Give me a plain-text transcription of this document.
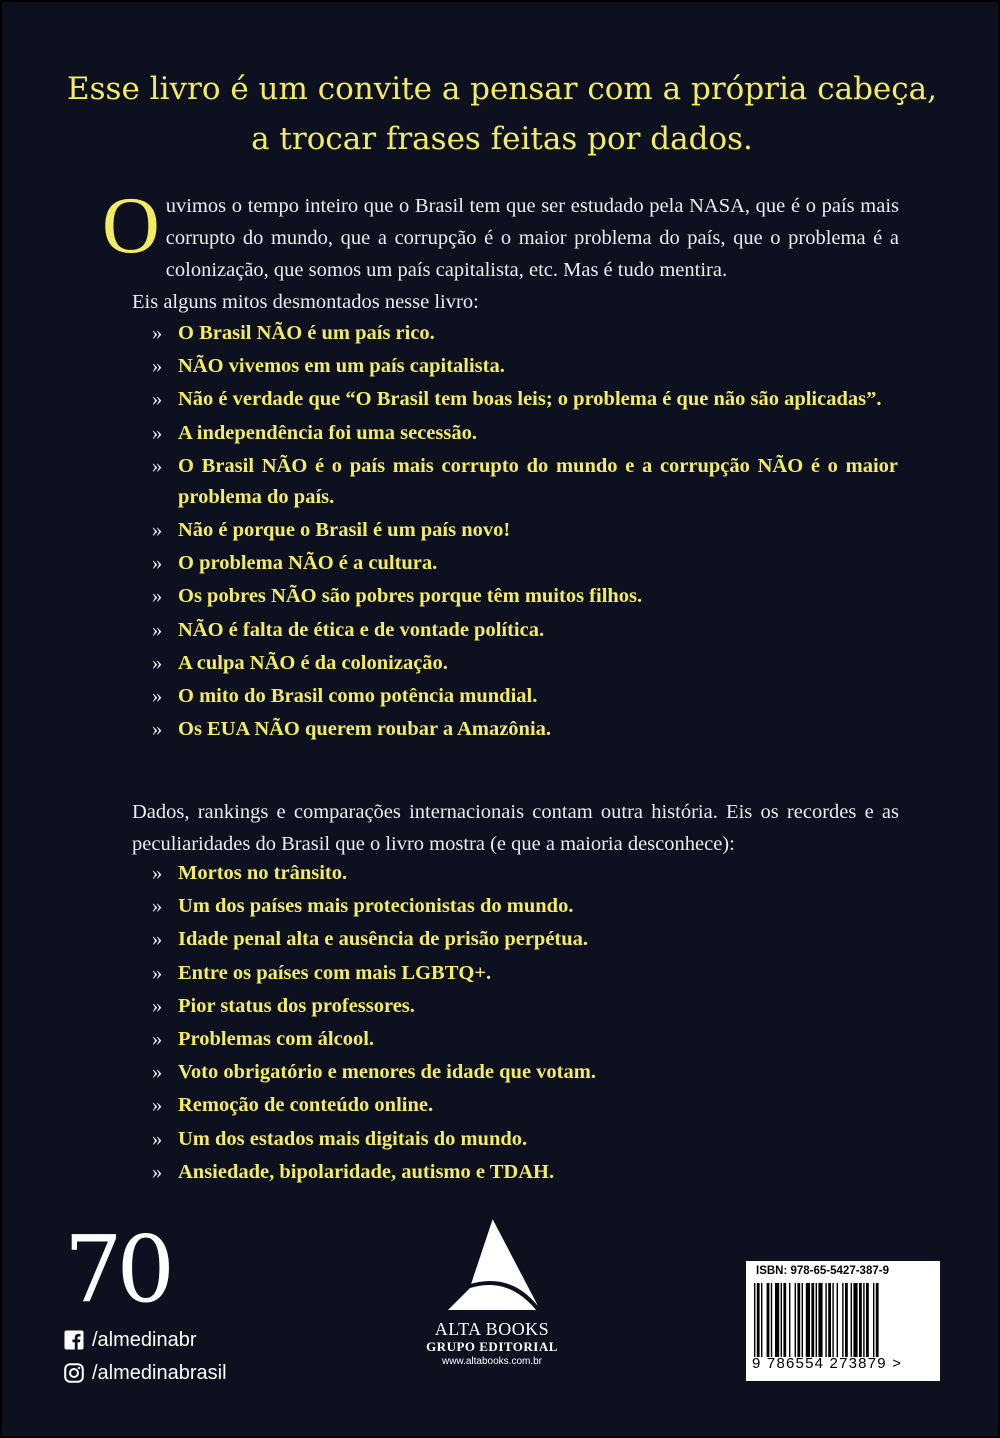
Esse livro é um convite a pensar com a própria cabeça, a trocar frases feitas por dados.

Ouvimos o tempo inteiro que o Brasil tem que ser estudado pela NASA, que é o país mais corrupto do mundo, que a corrupção é o maior problema do país, que o problema é a colonização, que somos um país capitalista, etc. Mas é tudo mentira.

Eis alguns mitos desmontados nesse livro:

» O Brasil NÃO é um país rico.
» NÃO vivemos em um país capitalista.
» Não é verdade que “O Brasil tem boas leis; o problema é que não são aplicadas”.
» A independência foi uma secessão.
» O Brasil NÃO é o país mais corrupto do mundo e a corrupção NÃO é o maior problema do país.
» Não é porque o Brasil é um país novo!
» O problema NÃO é a cultura.
» Os pobres NÃO são pobres porque têm muitos filhos.
» NÃO é falta de ética e de vontade política.
» A culpa NÃO é da colonização.
» O mito do Brasil como potência mundial.
» Os EUA NÃO querem roubar a Amazônia.

Dados, rankings e comparações internacionais contam outra história. Eis os recordes e as peculiaridades do Brasil que o livro mostra (e que a maioria desconhece):

» Mortos no trânsito.
» Um dos países mais protecionistas do mundo.
» Idade penal alta e ausência de prisão perpétua.
» Entre os países com mais LGBTQ+.
» Pior status dos professores.
» Problemas com álcool.
» Voto obrigatório e menores de idade que votam.
» Remoção de conteúdo online.
» Um dos estados mais digitais do mundo.
» Ansiedade, bipolaridade, autismo e TDAH.
70
/almedinabr
/almedinabrasil
ALTA BOOKS
GRUPO EDITORIAL
www.altabooks.com.br
ISBN: 978-65-5427-387-9
9 786554 273879 >
